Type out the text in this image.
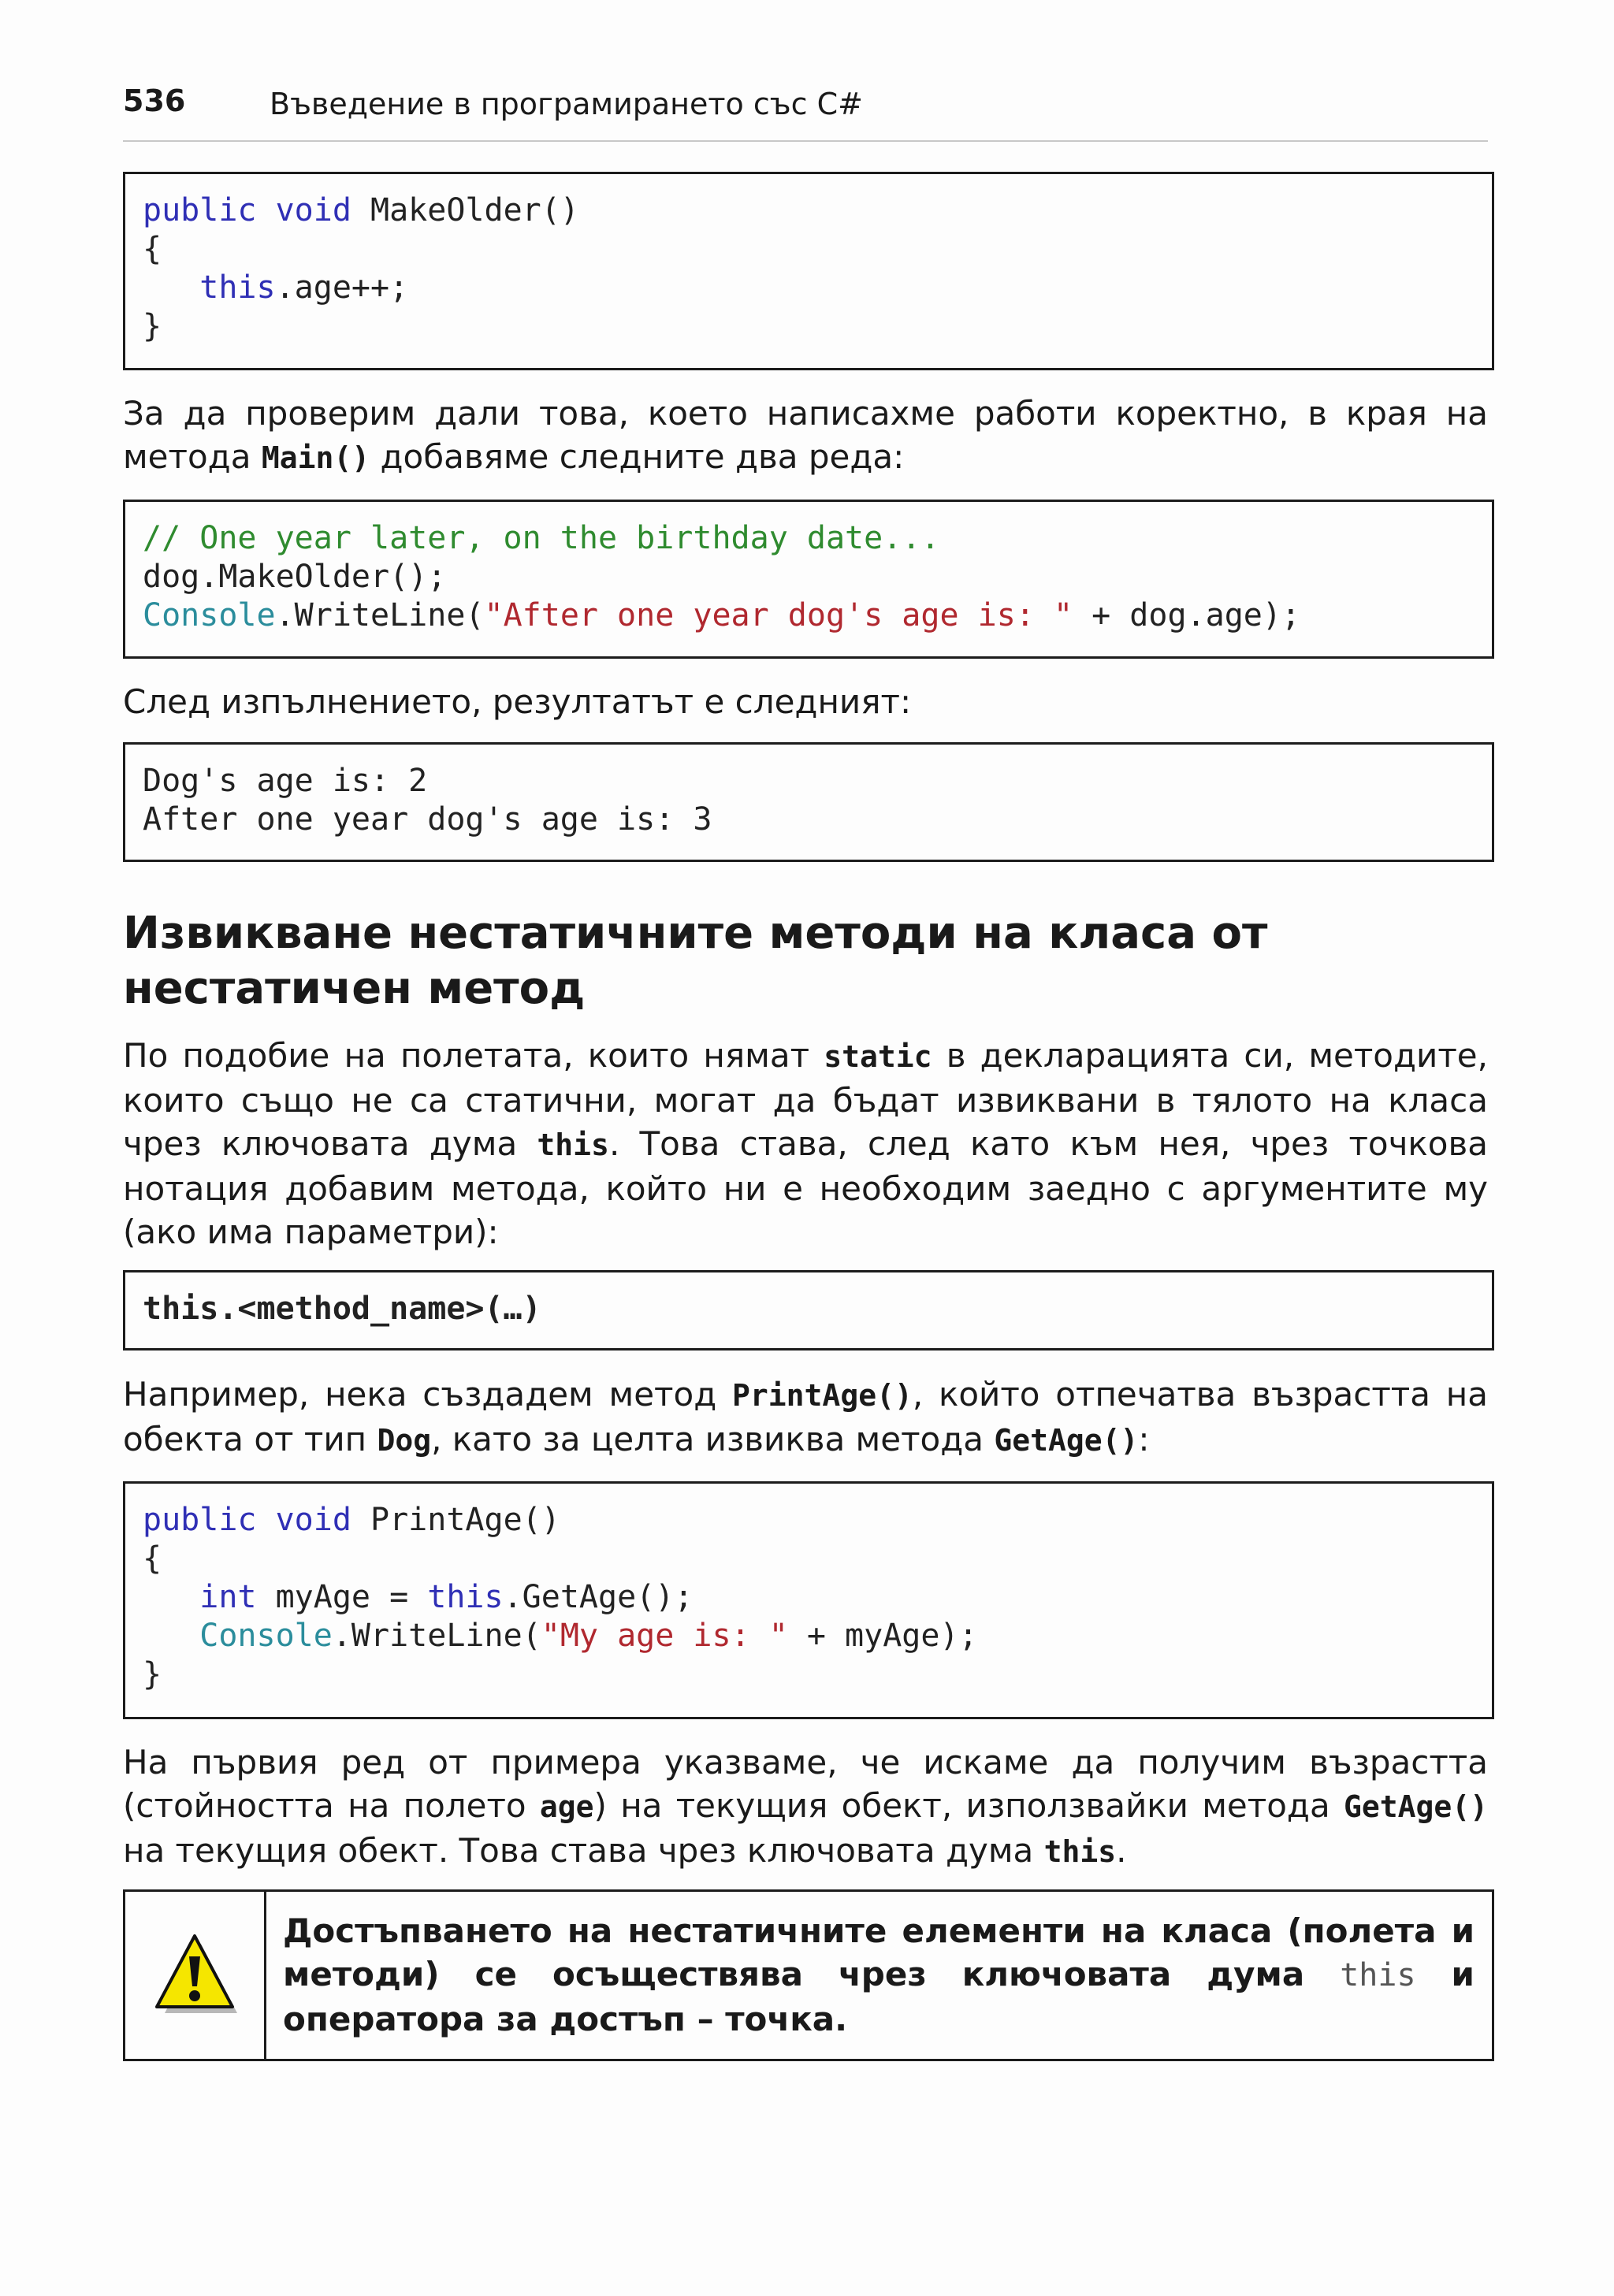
536	Въведение в програмирането със C#
public void MakeOlder()
{
this.age++;
}

За да проверим дали това, което написахме работи коректно, в края на
метода Main() добавяме следните два реда:

// One year later, on the birthday date...
dog.MakeOlder();
Console.WriteLine("After one year dog's age is: " + dog.age);

След изпълнението, резултатът е следният:

Dog's age is: 2
After one year dog's age is: 3
Извикване нестатичните методи на класа от
нестатичен метод

По подобие на полетата, които нямат static в декларацията си, методите, които също не са статични, могат да бъдат извиквани в тялото на класа чрез ключовата дума this. Това става, след като към нея, чрез точкова нотация добавим метода, който ни е необходим заедно с аргументите му (ако има параметри):

this.<method_name>(…)

Например, нека създадем метод PrintAge(), който отпечатва възрастта на обекта от тип Dog, като за целта извиква метода GetAge():

public void PrintAge()
{
int myAge = this.GetAge();
Console.WriteLine("My age is: " + myAge);
}

На първия ред от примера указваме, че искаме да получим възрастта (стойността на полето age) на текущия обект, използвайки метода GetAge() на текущия обект. Това става чрез ключовата дума this.

Достъпването на нестатичните елементи на класа (полета и методи) се осъществява чрез ключовата дума this и оператора за достъп – точка.
